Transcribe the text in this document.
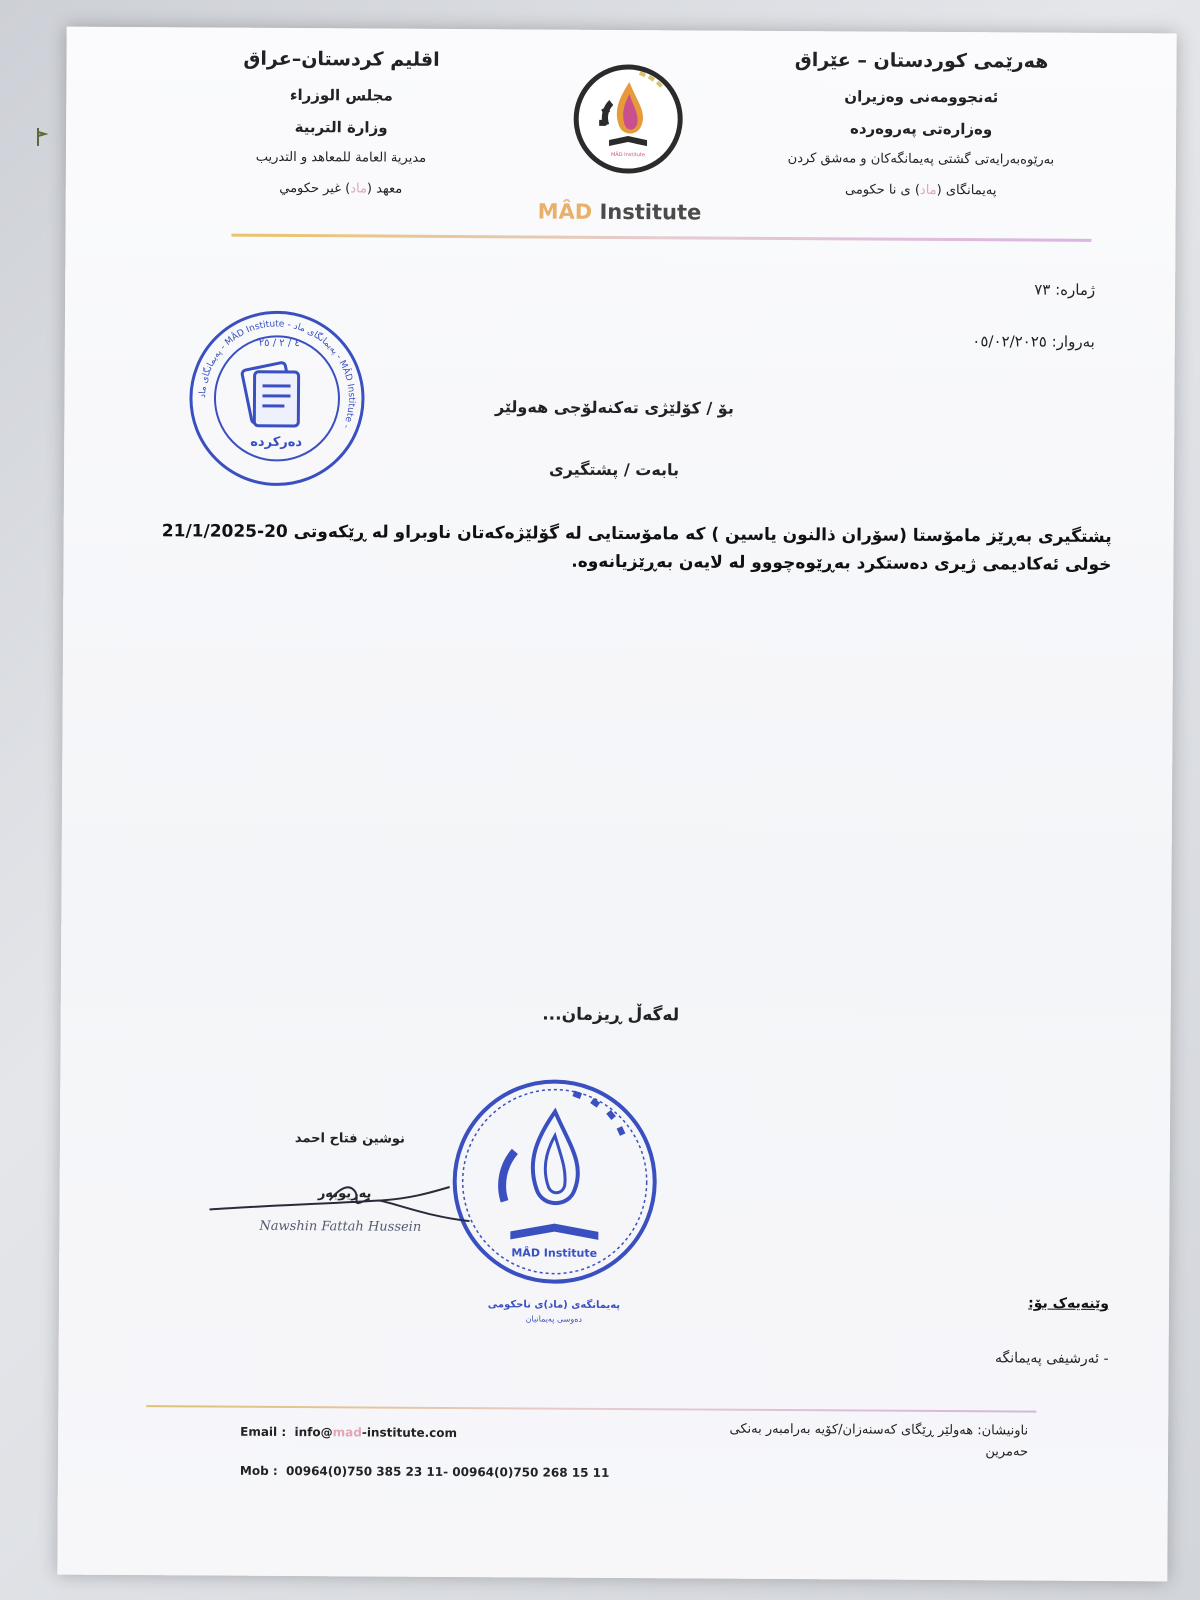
هەرێمی کوردستان – عێراق
ئەنجوومەنی وەزیران
وەزارەتی پەروەردە
بەرێوەبەرایەتی گشتی پەیمانگەکان و مەشق کردن
پەیمانگای (ماد) ی نا حکومی
MÂD Institute
MÂD Institute
اقليم كردستان–عراق
مجلس الوزراء
وزارة التربية
مديرية العامة للمعاهد و التدريب
معهد (ماد) غير حكومي
ژمارە: ٧٣
بەروار: ٠٥/٠٢/٢٠٢٥
پەیمانگای ماد - MÂD Institute - پەیمانگای ماد - MÂD Institute -
دەرکردە
٤ / ٢ / ٢٥
بۆ / کۆلێژی تەکنەلۆجی هەولێر
بابەت / پشتگیری
پشتگیری بەڕێز مامۆستا (سۆران ذالنون یاسین ) کە مامۆستایی لە گۆلێژەکەتان ناوبراو لە ڕێکەوتی 20-21/1/2025
خولی ئەکادیمی ژیری دەستکرد بەڕێوەچووو لە لایەن بەڕێزیانەوە.
لەگەڵ ڕیزمان...
MÂD Institute
پەیمانگەی (ماد)ی ناحکومی
دەوسی پەیمانیان
نوشين فتاح احمد
بەریوبەر
Nawshin Fattah Hussein
وێنەیەک بۆ:
- ئەرشیفی پەیمانگە
Email : info@mad-institute.com
Mob : 00964(0)750 385 23 11- 00964(0)750 268 15 11
ناونیشان: هەولێر ڕێگای کەسنەزان/کۆیە بەرامبەر بەنکی
حەمرین
